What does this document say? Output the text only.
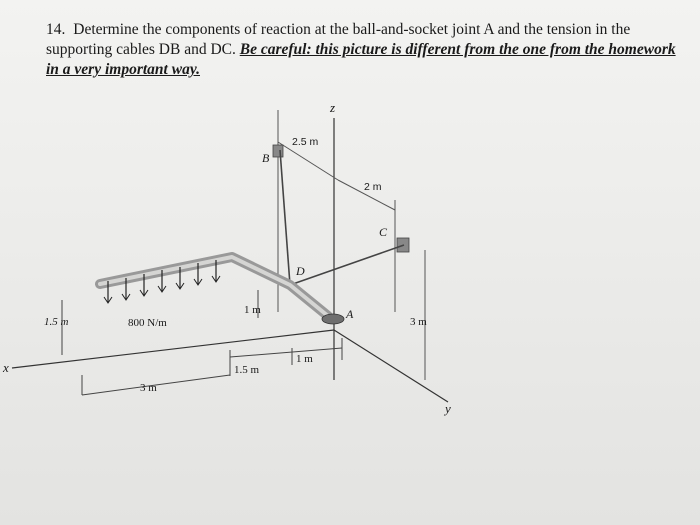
14. Determine the components of reaction at the ball-and-socket joint A and the tension in the supporting cables DB and DC. Be careful: this picture is different from the one from the homework in a very important way.
z
x
y
B
C
D
A
2.5 m
2 m
1 m
1.5 m	800 N/m	3 m
3 m
1.5 m
1 m
